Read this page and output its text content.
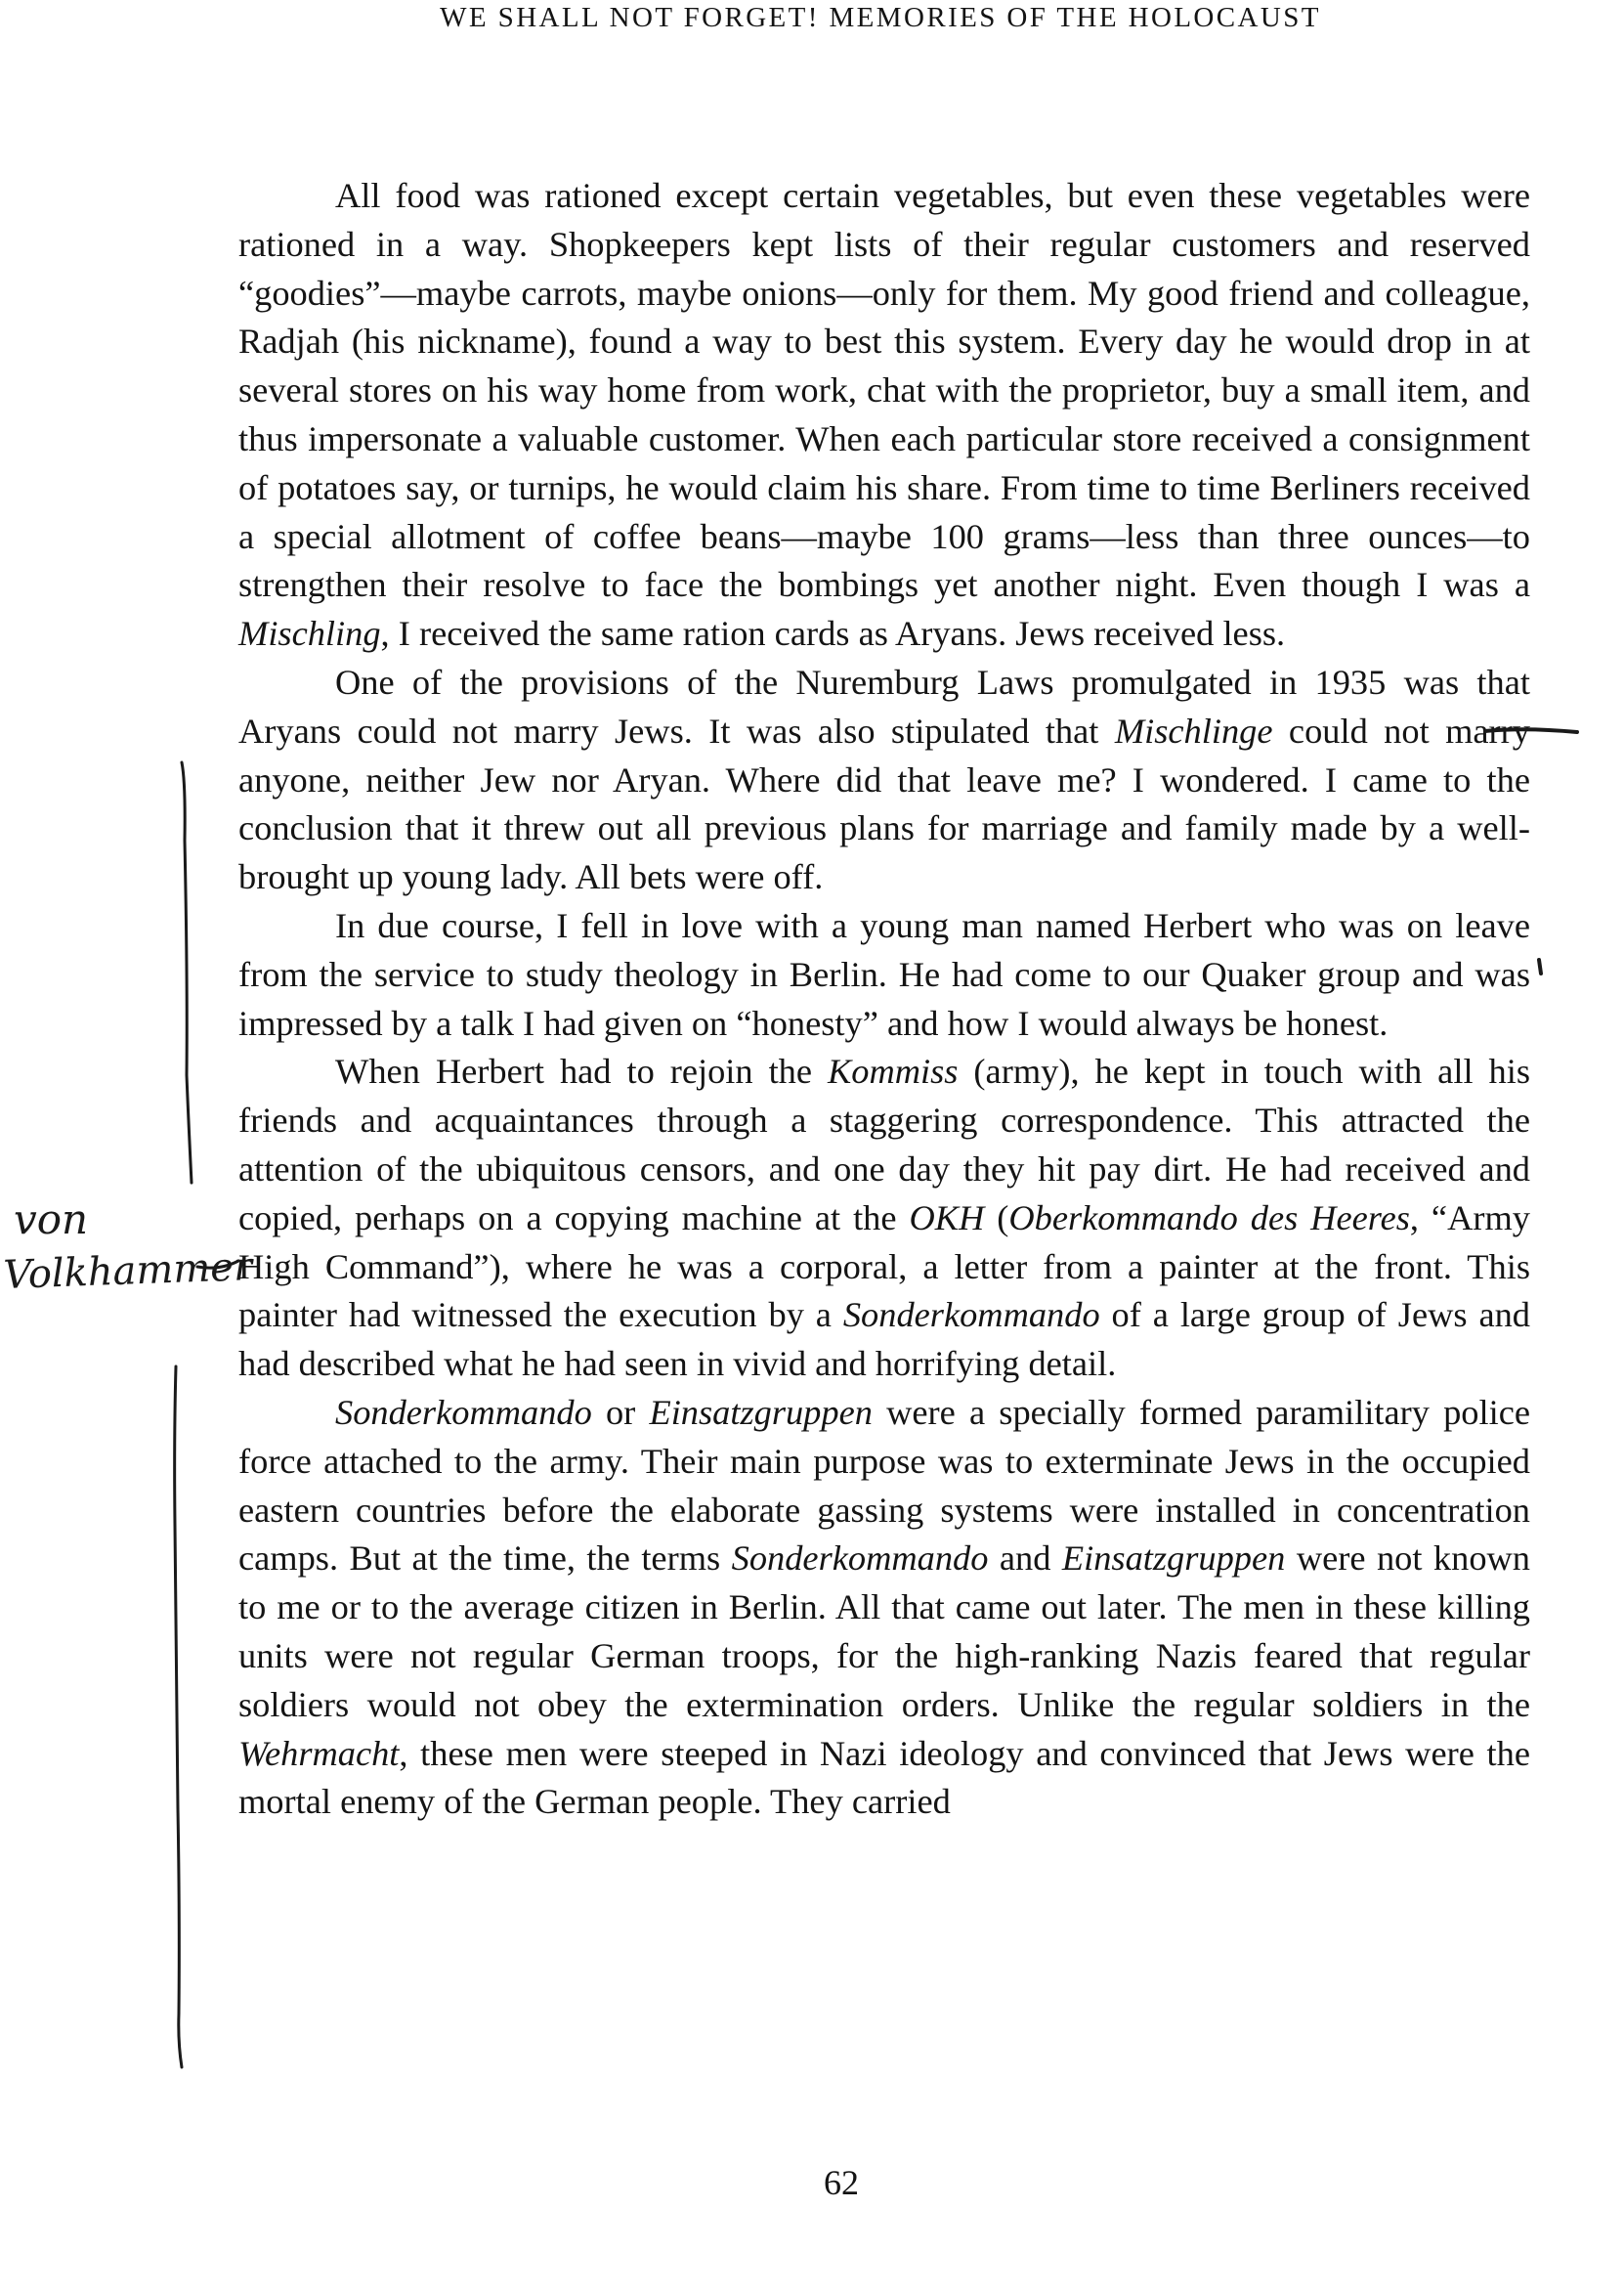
WE SHALL NOT FORGET! MEMORIES OF THE HOLOCAUST

All food was rationed except certain vegetables, but even these vegetables were rationed in a way. Shopkeepers kept lists of their regular customers and reserved “goodies”—maybe carrots, maybe onions—only for them. My good friend and colleague, Radjah (his nickname), found a way to best this system. Every day he would drop in at several stores on his way home from work, chat with the proprietor, buy a small item, and thus impersonate a valuable customer. When each particular store received a consignment of potatoes say, or turnips, he would claim his share. From time to time Berliners received a special allotment of coffee beans—maybe 100 grams—less than three ounces—to strengthen their resolve to face the bombings yet another night. Even though I was a Mischling, I received the same ration cards as Aryans. Jews received less.

One of the provisions of the Nuremburg Laws promulgated in 1935 was that Aryans could not marry Jews. It was also stipulated that Mischlinge could not marry anyone, neither Jew nor Aryan. Where did that leave me? I wondered. I came to the conclusion that it threw out all previous plans for marriage and family made by a well-brought up young lady. All bets were off.

In due course, I fell in love with a young man named Herbert who was on leave from the service to study theology in Berlin. He had come to our Quaker group and was impressed by a talk I had given on “honesty” and how I would always be honest.

When Herbert had to rejoin the Kommiss (army), he kept in touch with all his friends and acquaintances through a staggering correspondence. This attracted the attention of the ubiquitous censors, and one day they hit pay dirt. He had received and copied, perhaps on a copying machine at the OKH (Oberkommando des Heeres, “Army High Command”), where he was a corporal, a letter from a painter at the front. This painter had witnessed the execution by a Sonderkommando of a large group of Jews and had described what he had seen in vivid and horrifying detail.

Sonderkommando or Einsatzgruppen were a specially formed paramilitary police force attached to the army. Their main purpose was to exterminate Jews in the occupied eastern countries before the elaborate gassing systems were installed in concentration camps. But at the time, the terms Sonderkommando and Einsatzgruppen were not known to me or to the average citizen in Berlin. All that came out later. The men in these killing units were not regular German troops, for the high-ranking Nazis feared that regular soldiers would not obey the extermination orders. Unlike the regular soldiers in the Wehrmacht, these men were steeped in Nazi ideology and convinced that Jews were the mortal enemy of the German people. They carried

62
von
Volkhammer
